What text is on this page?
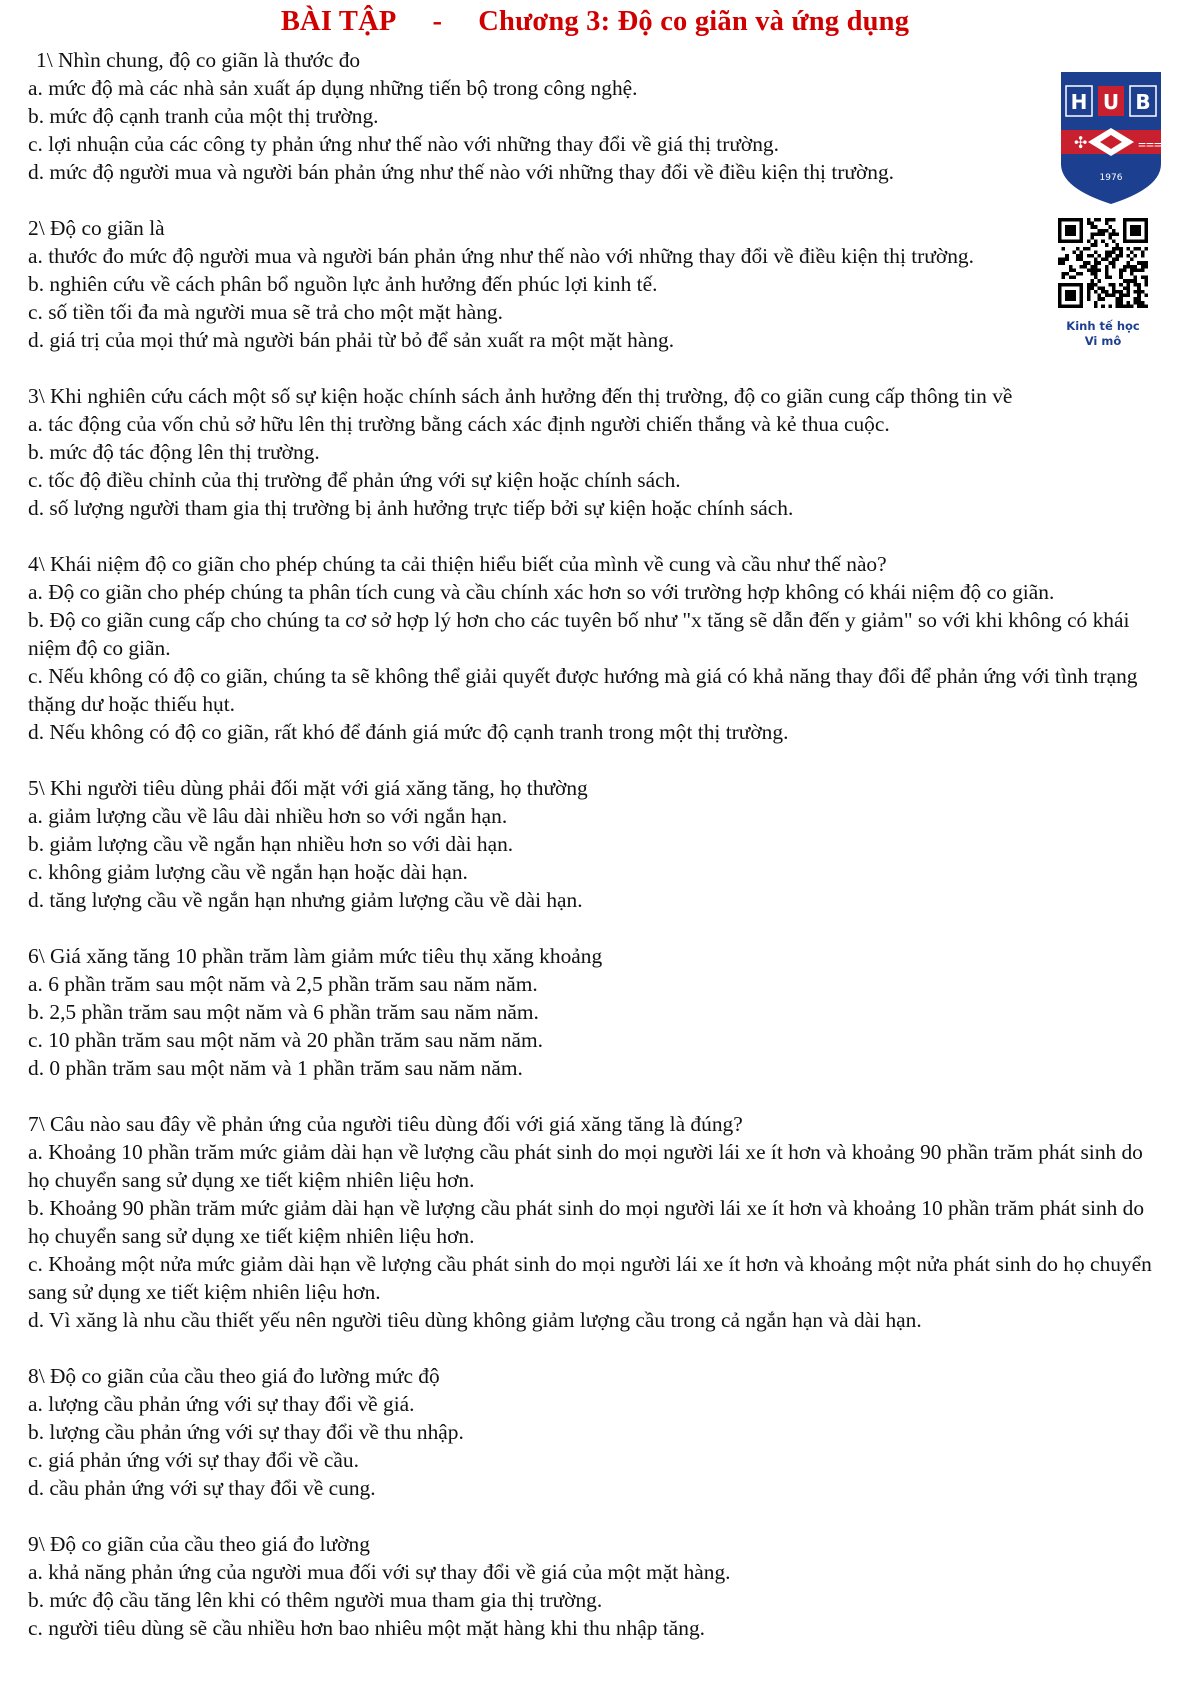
BÀI TẬP - Chương 3: Độ co giãn và ứng dụng
H U B
✣	⩶
1976
Kinh tế học
Vi mô
1\ Nhìn chung, độ co giãn là thước đo
a. mức độ mà các nhà sản xuất áp dụng những tiến bộ trong công nghệ.
b. mức độ cạnh tranh của một thị trường.
c. lợi nhuận của các công ty phản ứng như thế nào với những thay đổi về giá thị trường.
d. mức độ người mua và người bán phản ứng như thế nào với những thay đổi về điều kiện thị trường.
2\ Độ co giãn là
a. thước đo mức độ người mua và người bán phản ứng như thế nào với những thay đổi về điều kiện thị trường.
b. nghiên cứu về cách phân bổ nguồn lực ảnh hưởng đến phúc lợi kinh tế.
c. số tiền tối đa mà người mua sẽ trả cho một mặt hàng.
d. giá trị của mọi thứ mà người bán phải từ bỏ để sản xuất ra một mặt hàng.
3\ Khi nghiên cứu cách một số sự kiện hoặc chính sách ảnh hưởng đến thị trường, độ co giãn cung cấp thông tin về
a. tác động của vốn chủ sở hữu lên thị trường bằng cách xác định người chiến thắng và kẻ thua cuộc.
b. mức độ tác động lên thị trường.
c. tốc độ điều chỉnh của thị trường để phản ứng với sự kiện hoặc chính sách.
d. số lượng người tham gia thị trường bị ảnh hưởng trực tiếp bởi sự kiện hoặc chính sách.
4\ Khái niệm độ co giãn cho phép chúng ta cải thiện hiểu biết của mình về cung và cầu như thế nào?
a. Độ co giãn cho phép chúng ta phân tích cung và cầu chính xác hơn so với trường hợp không có khái niệm độ co giãn.
b. Độ co giãn cung cấp cho chúng ta cơ sở hợp lý hơn cho các tuyên bố như "x tăng sẽ dẫn đến y giảm" so với khi không có khái niệm độ co giãn.
c. Nếu không có độ co giãn, chúng ta sẽ không thể giải quyết được hướng mà giá có khả năng thay đổi để phản ứng với tình trạng thặng dư hoặc thiếu hụt.
d. Nếu không có độ co giãn, rất khó để đánh giá mức độ cạnh tranh trong một thị trường.
5\ Khi người tiêu dùng phải đối mặt với giá xăng tăng, họ thường
a. giảm lượng cầu về lâu dài nhiều hơn so với ngắn hạn.
b. giảm lượng cầu về ngắn hạn nhiều hơn so với dài hạn.
c. không giảm lượng cầu về ngắn hạn hoặc dài hạn.
d. tăng lượng cầu về ngắn hạn nhưng giảm lượng cầu về dài hạn.
6\ Giá xăng tăng 10 phần trăm làm giảm mức tiêu thụ xăng khoảng
a. 6 phần trăm sau một năm và 2,5 phần trăm sau năm năm.
b. 2,5 phần trăm sau một năm và 6 phần trăm sau năm năm.
c. 10 phần trăm sau một năm và 20 phần trăm sau năm năm.
d. 0 phần trăm sau một năm và 1 phần trăm sau năm năm.
7\ Câu nào sau đây về phản ứng của người tiêu dùng đối với giá xăng tăng là đúng?
a. Khoảng 10 phần trăm mức giảm dài hạn về lượng cầu phát sinh do mọi người lái xe ít hơn và khoảng 90 phần trăm phát sinh do họ chuyển sang sử dụng xe tiết kiệm nhiên liệu hơn.
b. Khoảng 90 phần trăm mức giảm dài hạn về lượng cầu phát sinh do mọi người lái xe ít hơn và khoảng 10 phần trăm phát sinh do họ chuyển sang sử dụng xe tiết kiệm nhiên liệu hơn.
c. Khoảng một nửa mức giảm dài hạn về lượng cầu phát sinh do mọi người lái xe ít hơn và khoảng một nửa phát sinh do họ chuyển sang sử dụng xe tiết kiệm nhiên liệu hơn.
d. Vì xăng là nhu cầu thiết yếu nên người tiêu dùng không giảm lượng cầu trong cả ngắn hạn và dài hạn.
8\ Độ co giãn của cầu theo giá đo lường mức độ
a. lượng cầu phản ứng với sự thay đổi về giá.
b. lượng cầu phản ứng với sự thay đổi về thu nhập.
c. giá phản ứng với sự thay đổi về cầu.
d. cầu phản ứng với sự thay đổi về cung.
9\ Độ co giãn của cầu theo giá đo lường
a. khả năng phản ứng của người mua đối với sự thay đổi về giá của một mặt hàng.
b. mức độ cầu tăng lên khi có thêm người mua tham gia thị trường.
c. người tiêu dùng sẽ cầu nhiều hơn bao nhiêu một mặt hàng khi thu nhập tăng.
